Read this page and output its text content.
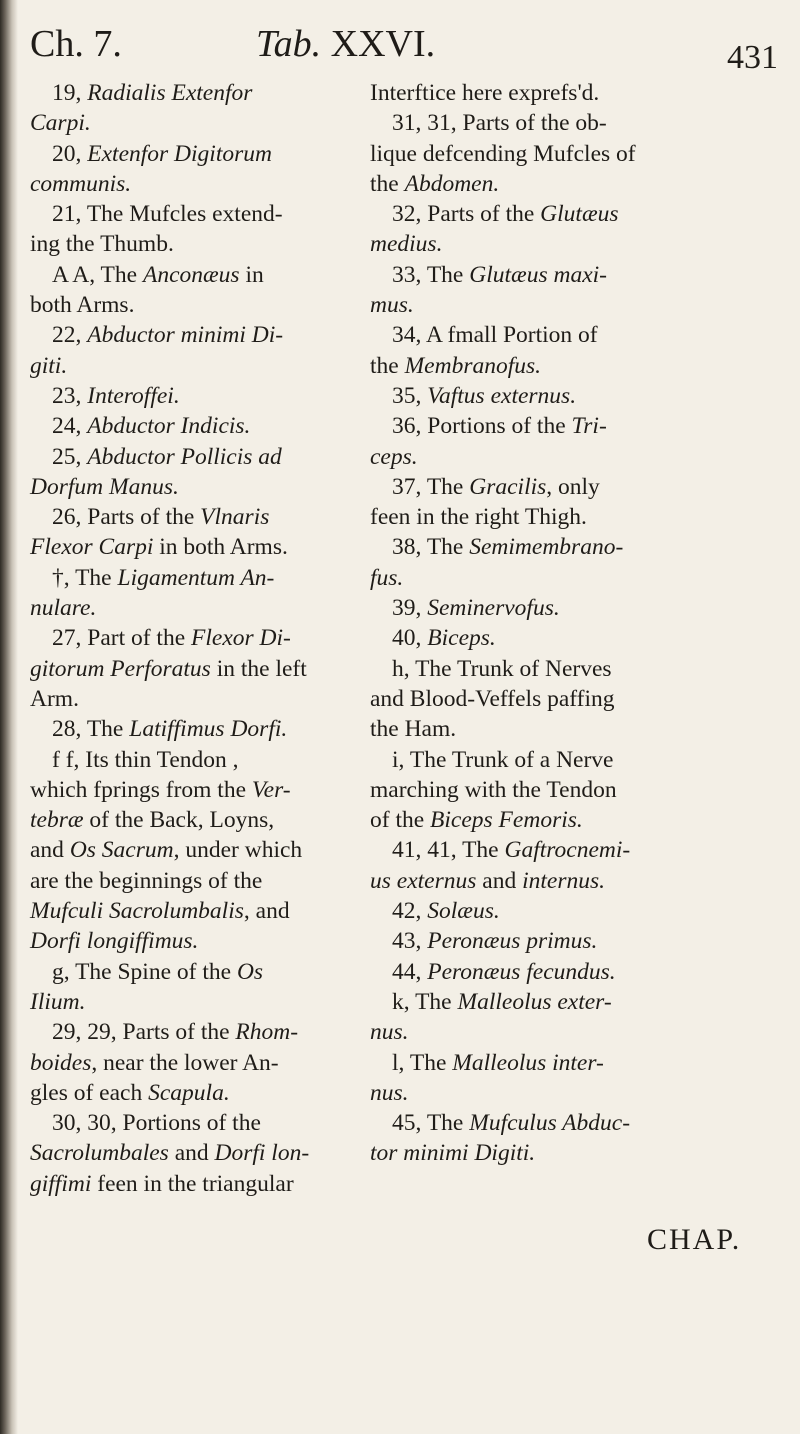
Ch. 7.	Tab. XXVI.	431
19, Radialis Extenfor
Carpi.
20, Extenfor Digitorum
communis.
21, The Mufcles extend-
ing the Thumb.
A A, The Anconæus in
both Arms.
22, Abductor minimi Di-
giti.
23, Interoffei.
24, Abductor Indicis.
25, Abductor Pollicis ad
Dorfum Manus.
26, Parts of the Vlnaris
Flexor Carpi in both Arms.
†, The Ligamentum An-
nulare.
27, Part of the Flexor Di-
gitorum Perforatus in the left
Arm.
28, The Latiffimus Dorfi.
f f, Its thin Tendon ,
which fprings from the Ver-
tebræ of the Back, Loyns,
and Os Sacrum, under which
are the beginnings of the
Mufculi Sacrolumbalis, and
Dorfi longiffimus.
g, The Spine of the Os
Ilium.
29, 29, Parts of the Rhom-
boides, near the lower An-
gles of each Scapula.
30, 30, Portions of the
Sacrolumbales and Dorfi lon-
giffimi feen in the triangular
Interftice here exprefs'd.
31, 31, Parts of the ob-
lique defcending Mufcles of
the Abdomen.
32, Parts of the Glutæus
medius.
33, The Glutæus maxi-
mus.
34, A fmall Portion of
the Membranofus.
35, Vaftus externus.
36, Portions of the Tri-
ceps.
37, The Gracilis, only
feen in the right Thigh.
38, The Semimembrano-
fus.
39, Seminervofus.
40, Biceps.
h, The Trunk of Nerves
and Blood-Veffels paffing
the Ham.
i, The Trunk of a Nerve
marching with the Tendon
of the Biceps Femoris.
41, 41, The Gaftrocnemi-
us externus and internus.
42, Solæus.
43, Peronæus primus.
44, Peronæus fecundus.
k, The Malleolus exter-
nus.
l, The Malleolus inter-
nus.
45, The Mufculus Abduc-
tor minimi Digiti.
CHAP.
